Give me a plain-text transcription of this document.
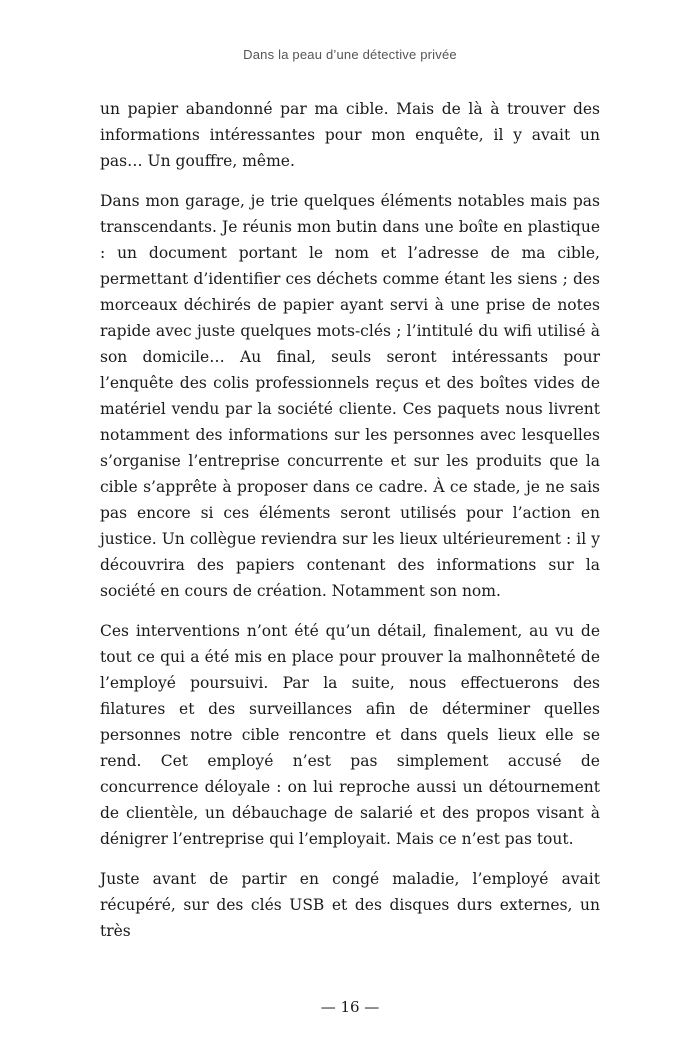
Dans la peau d’une détective privée

un papier abandonné par ma cible. Mais de là à trouver des informations intéressantes pour mon enquête, il y avait un pas… Un gouffre, même.

Dans mon garage, je trie quelques éléments notables mais pas transcendants. Je réunis mon butin dans une boîte en plastique : un document portant le nom et l’adresse de ma cible, permettant d’identifier ces déchets comme étant les siens ; des morceaux déchirés de papier ayant servi à une prise de notes rapide avec juste quelques mots-clés ; l’intitulé du wifi utilisé à son domicile… Au final, seuls seront intéressants pour l’enquête des colis professionnels reçus et des boîtes vides de matériel vendu par la société cliente. Ces paquets nous livrent notamment des informations sur les personnes avec lesquelles s’organise l’entreprise concurrente et sur les produits que la cible s’apprête à proposer dans ce cadre. À ce stade, je ne sais pas encore si ces éléments seront utilisés pour l’action en justice. Un collègue reviendra sur les lieux ultérieurement : il y découvrira des papiers contenant des informations sur la société en cours de création. Notamment son nom.

Ces interventions n’ont été qu’un détail, finalement, au vu de tout ce qui a été mis en place pour prouver la malhonnêteté de l’employé poursuivi. Par la suite, nous effectuerons des filatures et des surveillances afin de déterminer quelles personnes notre cible rencontre et dans quels lieux elle se rend. Cet employé n’est pas simplement accusé de concurrence déloyale : on lui reproche aussi un détournement de clientèle, un débauchage de salarié et des propos visant à dénigrer l’entreprise qui l’employait. Mais ce n’est pas tout.

Juste avant de partir en congé maladie, l’employé avait récupéré, sur des clés USB et des disques durs externes, un très

— 16 —
